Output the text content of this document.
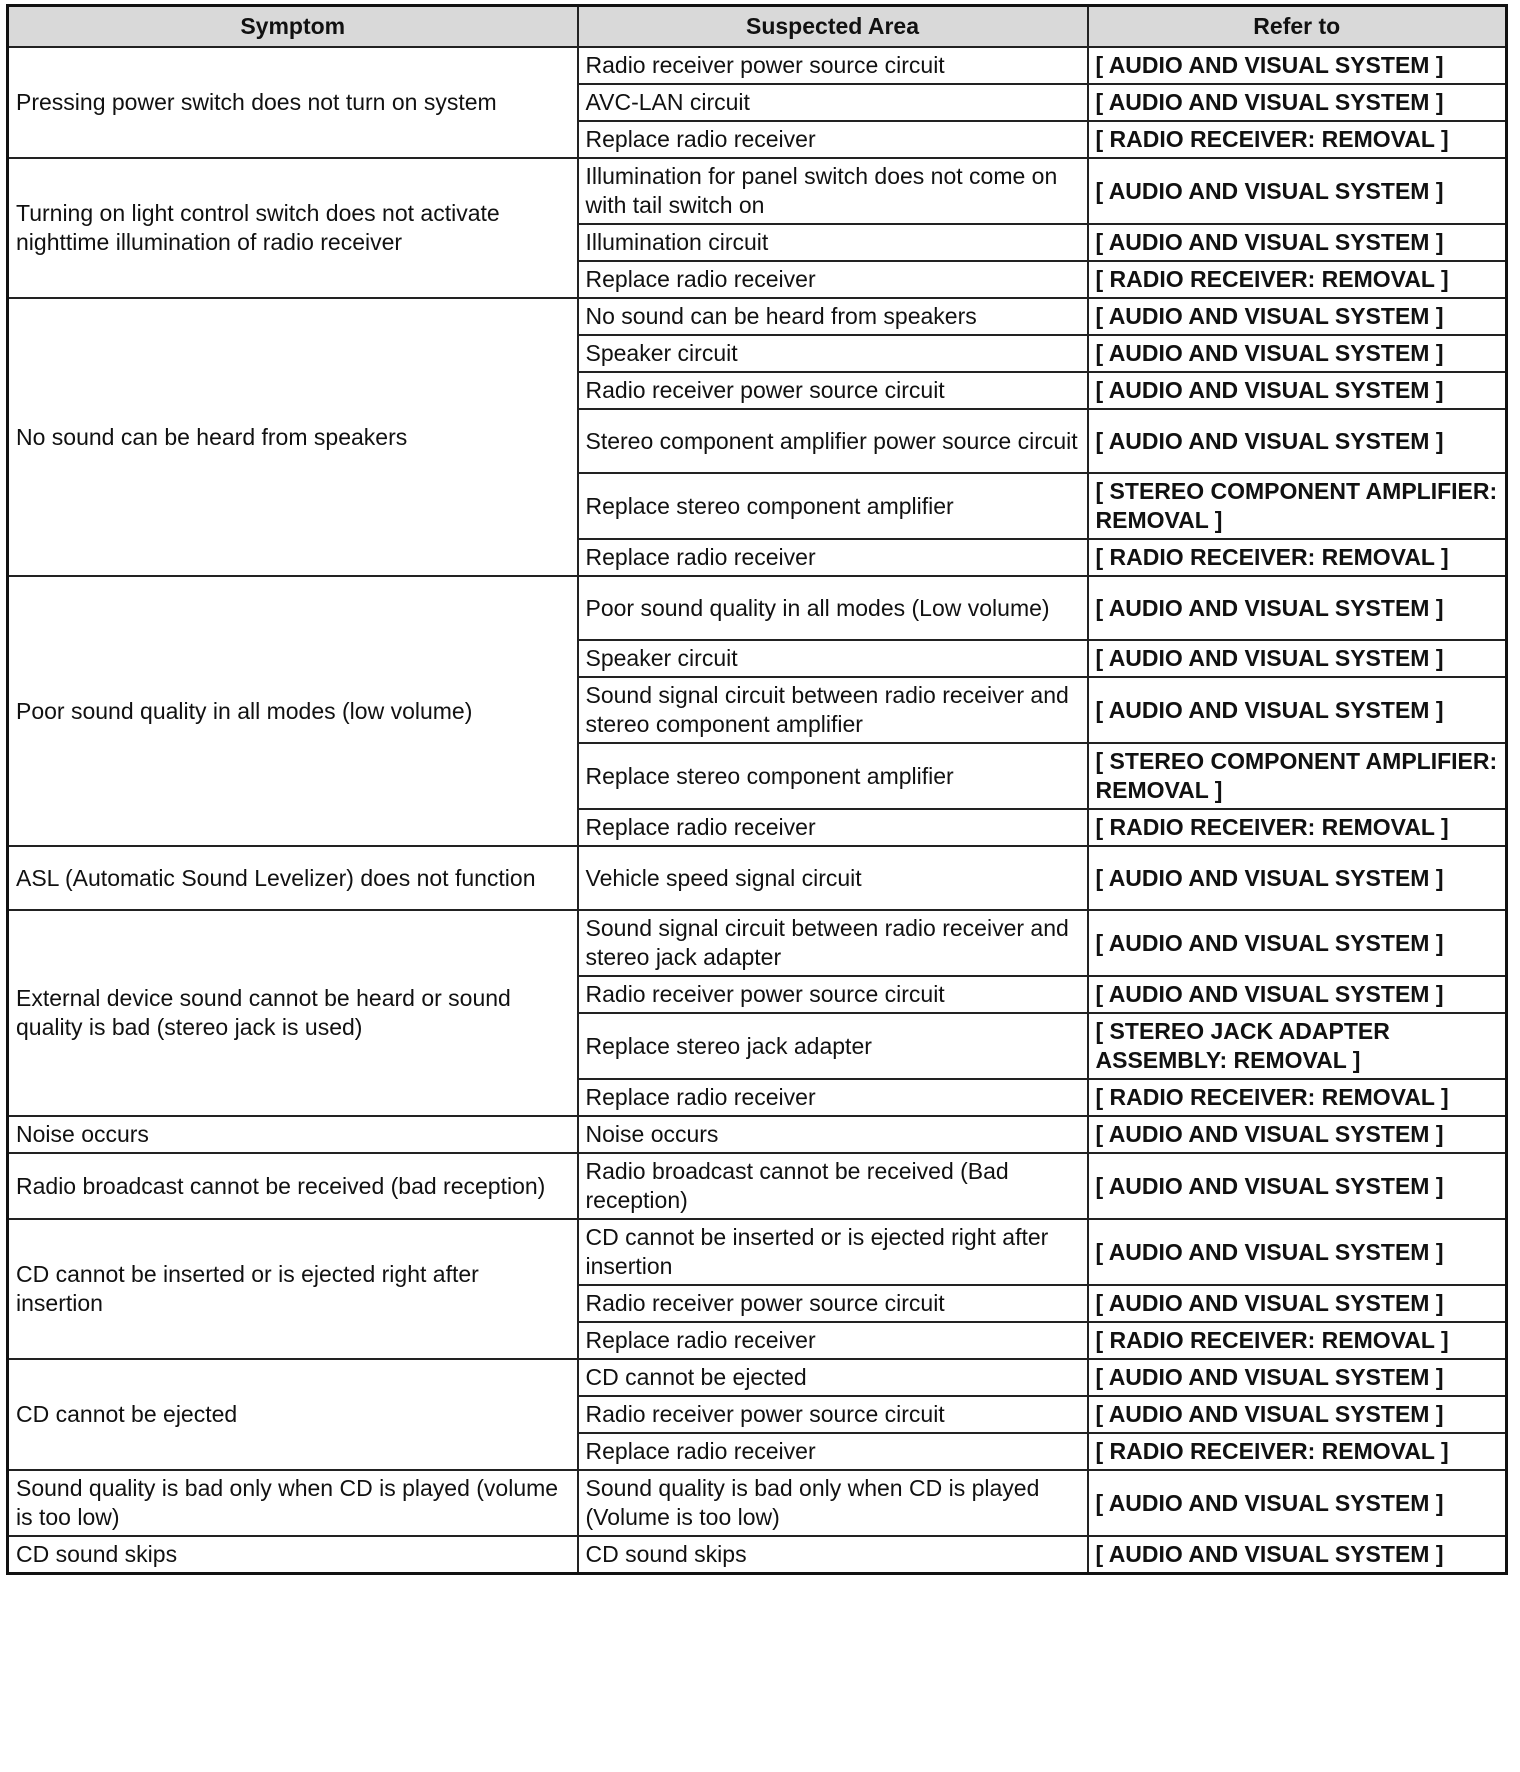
Symptom	Suspected Area	Refer to
Pressing power switch does not turn on system	Radio receiver power source circuit	[ AUDIO AND VISUAL SYSTEM ]
	AVC-LAN circuit	[ AUDIO AND VISUAL SYSTEM ]
	Replace radio receiver	[ RADIO RECEIVER: REMOVAL ]
Turning on light control switch does not activate nighttime illumination of radio receiver	Illumination for panel switch does not come on with tail switch on	[ AUDIO AND VISUAL SYSTEM ]
	Illumination circuit	[ AUDIO AND VISUAL SYSTEM ]
	Replace radio receiver	[ RADIO RECEIVER: REMOVAL ]
No sound can be heard from speakers	No sound can be heard from speakers	[ AUDIO AND VISUAL SYSTEM ]
	Speaker circuit	[ AUDIO AND VISUAL SYSTEM ]
	Radio receiver power source circuit	[ AUDIO AND VISUAL SYSTEM ]
	Stereo component amplifier power source circuit	[ AUDIO AND VISUAL SYSTEM ]
	Replace stereo component amplifier	[ STEREO COMPONENT AMPLIFIER: REMOVAL ]
	Replace radio receiver	[ RADIO RECEIVER: REMOVAL ]
Poor sound quality in all modes (low volume)	Poor sound quality in all modes (Low volume)	[ AUDIO AND VISUAL SYSTEM ]
	Speaker circuit	[ AUDIO AND VISUAL SYSTEM ]
	Sound signal circuit between radio receiver and stereo component amplifier	[ AUDIO AND VISUAL SYSTEM ]
	Replace stereo component amplifier	[ STEREO COMPONENT AMPLIFIER: REMOVAL ]
	Replace radio receiver	[ RADIO RECEIVER: REMOVAL ]
ASL (Automatic Sound Levelizer) does not function	Vehicle speed signal circuit	[ AUDIO AND VISUAL SYSTEM ]
External device sound cannot be heard or sound quality is bad (stereo jack is used)	Sound signal circuit between radio receiver and stereo jack adapter	[ AUDIO AND VISUAL SYSTEM ]
	Radio receiver power source circuit	[ AUDIO AND VISUAL SYSTEM ]
	Replace stereo jack adapter	[ STEREO JACK ADAPTER ASSEMBLY: REMOVAL ]
	Replace radio receiver	[ RADIO RECEIVER: REMOVAL ]
Noise occurs	Noise occurs	[ AUDIO AND VISUAL SYSTEM ]
Radio broadcast cannot be received (bad reception)	Radio broadcast cannot be received (Bad reception)	[ AUDIO AND VISUAL SYSTEM ]
CD cannot be inserted or is ejected right after insertion	CD cannot be inserted or is ejected right after insertion	[ AUDIO AND VISUAL SYSTEM ]
	Radio receiver power source circuit	[ AUDIO AND VISUAL SYSTEM ]
	Replace radio receiver	[ RADIO RECEIVER: REMOVAL ]
CD cannot be ejected	CD cannot be ejected	[ AUDIO AND VISUAL SYSTEM ]
	Radio receiver power source circuit	[ AUDIO AND VISUAL SYSTEM ]
	Replace radio receiver	[ RADIO RECEIVER: REMOVAL ]
Sound quality is bad only when CD is played (volume is too low)	Sound quality is bad only when CD is played (Volume is too low)	[ AUDIO AND VISUAL SYSTEM ]
CD sound skips	CD sound skips	[ AUDIO AND VISUAL SYSTEM ]
